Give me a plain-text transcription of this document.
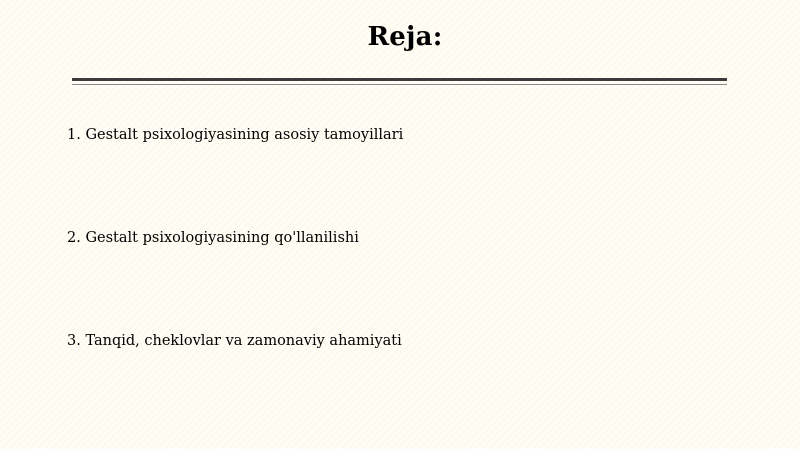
Reja:
1. Gestalt psixologiyasining asosiy tamoyillari
2. Gestalt psixologiyasining qo'llanilishi
3. Tanqid, cheklovlar va zamonaviy ahamiyati
